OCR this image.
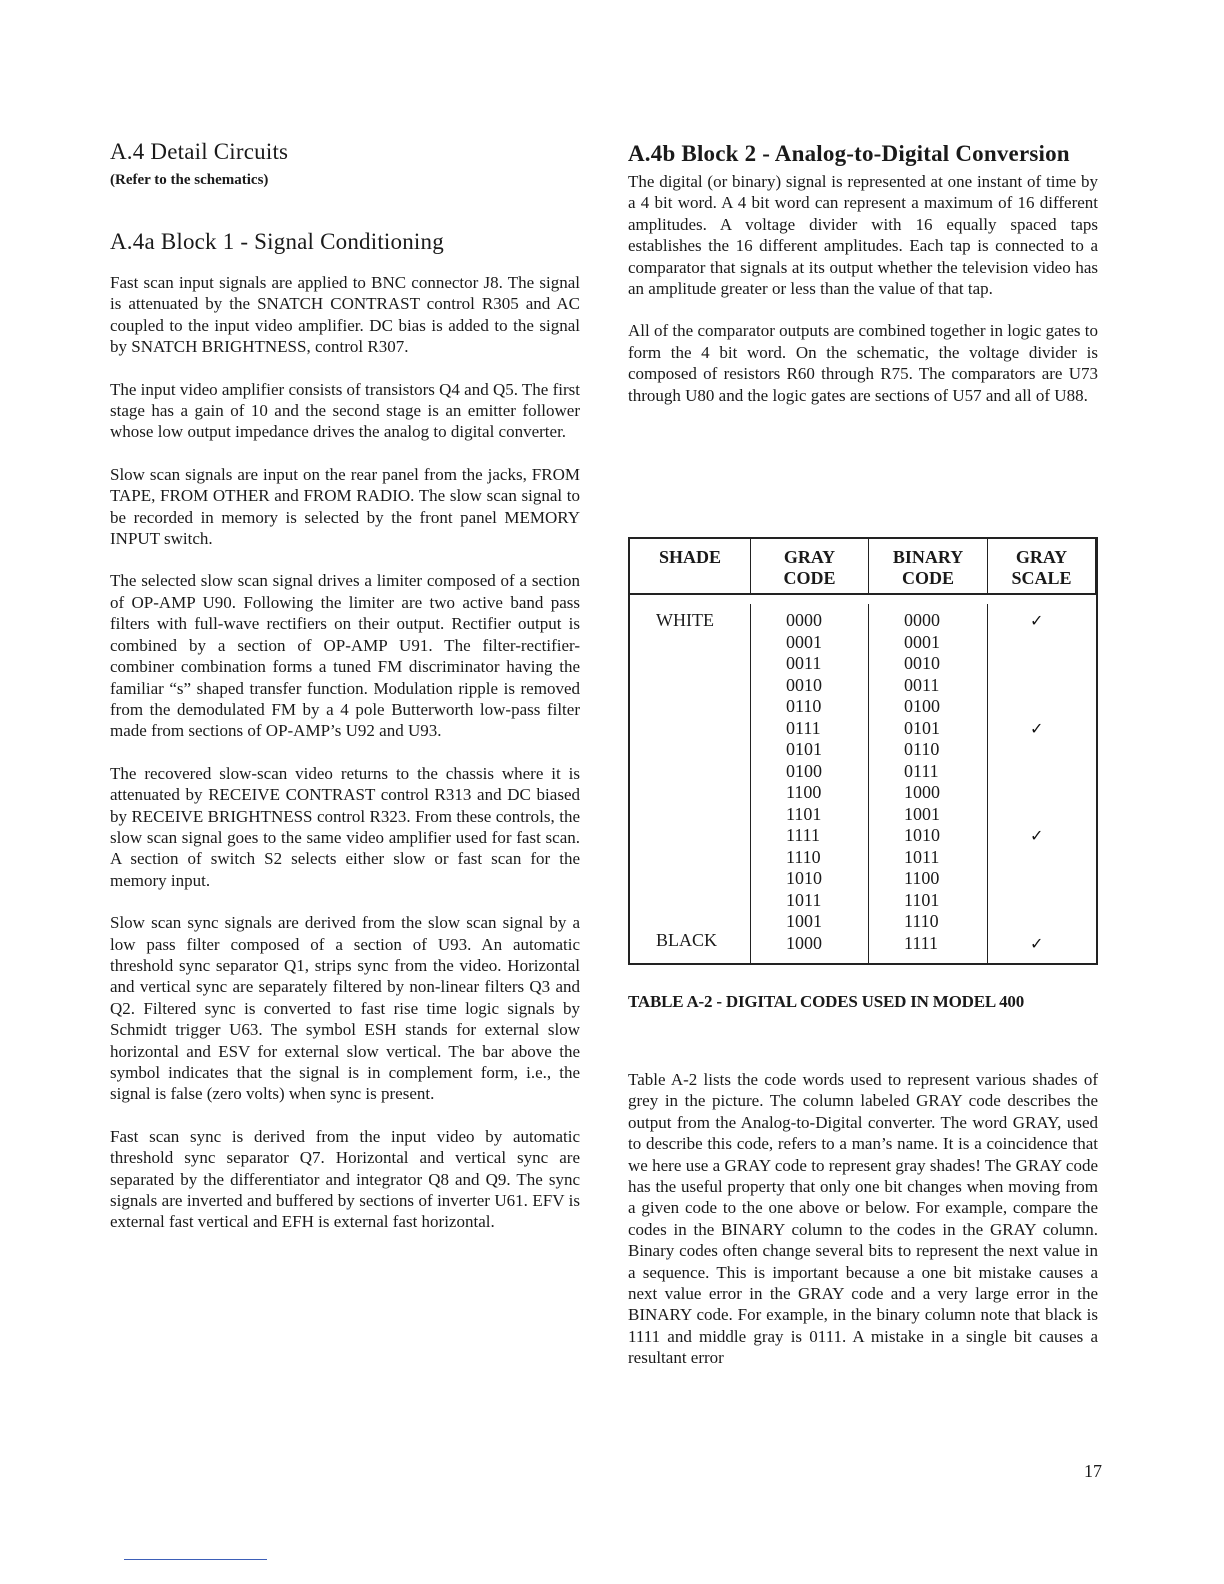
A.4 Detail Circuits
(Refer to the schematics)
A.4a Block 1 - Signal Conditioning

Fast scan input signals are applied to BNC connector J8. The signal is attenuated by the SNATCH CONTRAST control R305 and AC coupled to the input video amplifier. DC bias is added to the signal by SNATCH BRIGHTNESS, control R307.

The input video amplifier consists of transistors Q4 and Q5. The first stage has a gain of 10 and the second stage is an emitter follower whose low output impedance drives the analog to digital converter.

Slow scan signals are input on the rear panel from the jacks, FROM TAPE, FROM OTHER and FROM RADIO. The slow scan signal to be recorded in memory is selected by the front panel MEMORY INPUT switch.

The selected slow scan signal drives a limiter composed of a section of OP-AMP U90. Following the limiter are two active band pass filters with full-wave rectifiers on their output. Rectifier output is combined by a section of OP-AMP U91. The filter-rectifier-combiner combination forms a tuned FM discriminator having the familiar “s” shaped transfer function. Modulation ripple is removed from the demodulated FM by a 4 pole Butterworth low-pass filter made from sections of OP-AMP’s U92 and U93.

The recovered slow-scan video returns to the chassis where it is attenuated by RECEIVE CONTRAST control R313 and DC biased by RECEIVE BRIGHTNESS control R323. From these controls, the slow scan signal goes to the same video amplifier used for fast scan. A section of switch S2 selects either slow or fast scan for the memory input.

Slow scan sync signals are derived from the slow scan signal by a low pass filter composed of a section of U93. An automatic threshold sync separator Q1, strips sync from the video. Horizontal and vertical sync are separately filtered by non-linear filters Q3 and Q2. Filtered sync is converted to fast rise time logic signals by Schmidt trigger U63. The symbol ESH stands for external slow horizontal and ESV for external slow vertical. The bar above the symbol indicates that the signal is in complement form, i.e., the signal is false (zero volts) when sync is present.

Fast scan sync is derived from the input video by automatic threshold sync separator Q7. Horizontal and vertical sync are separated by the differentiator and integrator Q8 and Q9. The sync signals are inverted and buffered by sections of inverter U61. EFV is external fast vertical and EFH is external fast horizontal.

A.4b Block 2 - Analog-to-Digital Conversion

The digital (or binary) signal is represented at one instant of time by a 4 bit word. A 4 bit word can represent a maximum of 16 different amplitudes. A voltage divider with 16 equally spaced taps establishes the 16 different amplitudes. Each tap is connected to a comparator that signals at its output whether the television video has an amplitude greater or less than the value of that tap.

All of the comparator outputs are combined together in logic gates to form the 4 bit word. On the schematic, the voltage divider is composed of resistors R60 through R75. The comparators are U73 through U80 and the logic gates are sections of U57 and all of U88.

SHADE	GRAY
CODE
BINARY
CODE
GRAY
SCALE
WHITE
BLACK
0000
0001
0011
0010
0110
0111
0101
0100
1100
1101
1111
1110
1010
1011
1001
1000
0000
0001
0010
0011
0100
0101
0110
0111
1000
1001
1010
1011
1100
1101
1110
1111
✓
✓
✓
✓
TABLE A-2 - DIGITAL CODES USED IN MODEL 400

Table A-2 lists the code words used to represent various shades of grey in the picture. The column labeled GRAY code describes the output from the Analog-to-Digital converter. The word GRAY, used to describe this code, refers to a man’s name. It is a coincidence that we here use a GRAY code to represent gray shades! The GRAY code has the useful property that only one bit changes when moving from a given code to the one above or below. For example, compare the codes in the BINARY column to the codes in the GRAY column. Binary codes often change several bits to represent the next value in a sequence. This is important because a one bit mistake causes a next value error in the GRAY code and a very large error in the BINARY code. For example, in the binary column note that black is 1111 and middle gray is 0111. A mistake in a single bit causes a resultant error

17
